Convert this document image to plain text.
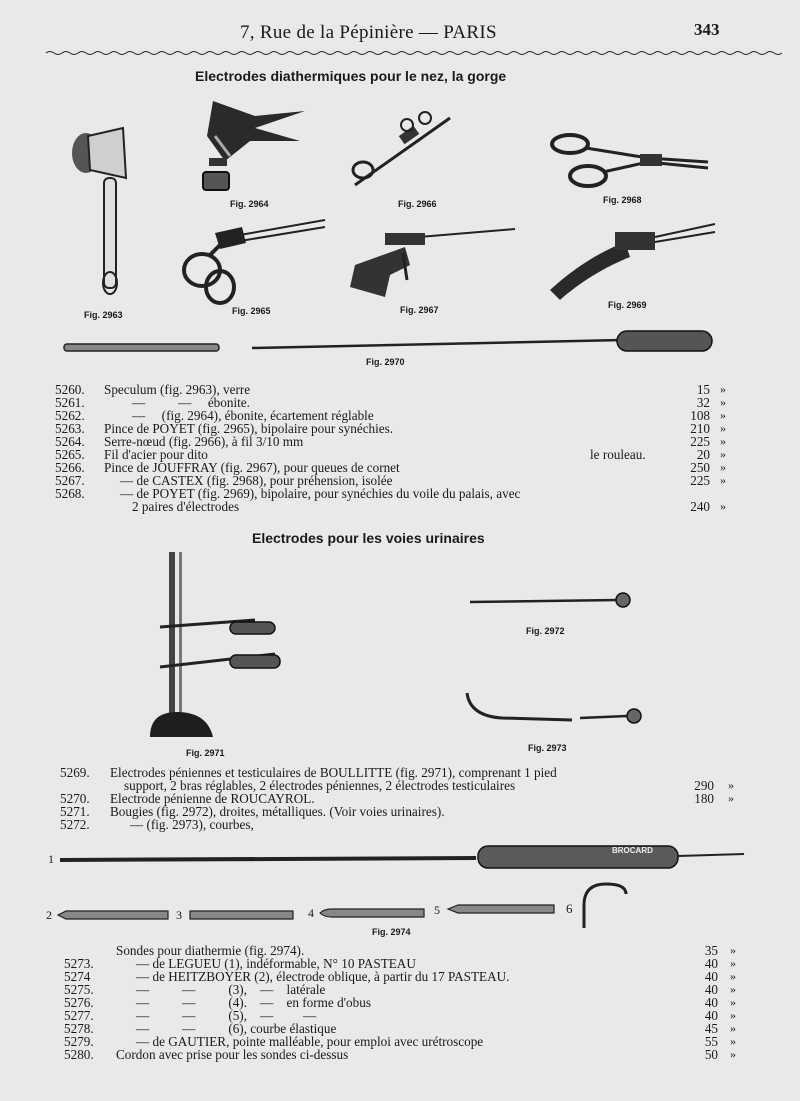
7, Rue de la Pépinière — PARIS	343
Electrodes diathermiques pour le nez, la gorge
Fig. 2963
Fig. 2964
Fig. 2965
Fig. 2966
Fig. 2967
Fig. 2968
Fig. 2969
Fig. 2970
5260. Speculum (fig. 2963), verre	15 »
5261.	—          —     ébonite.	32 »
5262.	—     (fig. 2964), ébonite, écartement réglable	108 »
5263. Pince de POYET (fig. 2965), bipolaire pour synéchies.	210 »
5264. Serre-nœud (fig. 2966), à fil 3/10 mm	225 »
5265. Fil d'acier pour dito	le rouleau.	20 »
5266. Pince de JOUFFRAY (fig. 2967), pour queues de cornet	250 »
5267.	— de CASTEX (fig. 2968), pour préhension, isolée	225 »
5268.	— de POYET (fig. 2969), bipolaire, pour synéchies du voile du palais, avec
2 paires d'électrodes	240 »
Electrodes pour les voies urinaires
Fig. 2971
Fig. 2972
Fig. 2973
5269. Electrodes péniennes et testiculaires de BOULLITTE (fig. 2971), comprenant 1 pied
support, 2 bras réglables, 2 électrodes péniennes, 2 électrodes testiculaires	290 »
5270. Electrode pénienne de ROUCAYROL.	180 »
5271. Bougies (fig. 2972), droites, métalliques. (Voir voies urinaires).
5272.	— (fig. 2973), courbes,
1
BROCARD
2	3	4	5	6
Fig. 2974
Sondes pour diathermie (fig. 2974).	35 »
5273.	— de LEGUEU (1), indéformable, N° 10 PASTEAU	40 »
5274	— de HEITZBOYER (2), électrode oblique, à partir du 17 PASTEAU.	40 »
5275.	—          —          (3),    —    latérale	40 »
5276.	—          —          (4).    —    en forme d'obus	40 »
5277.	—          —          (5),    —         —	40 »
5278.	—          —          (6), courbe élastique	45 »
5279.	— de GAUTIER, pointe malléable, pour emploi avec urétroscope	55 »
5280. Cordon avec prise pour les sondes ci-dessus	50 »
